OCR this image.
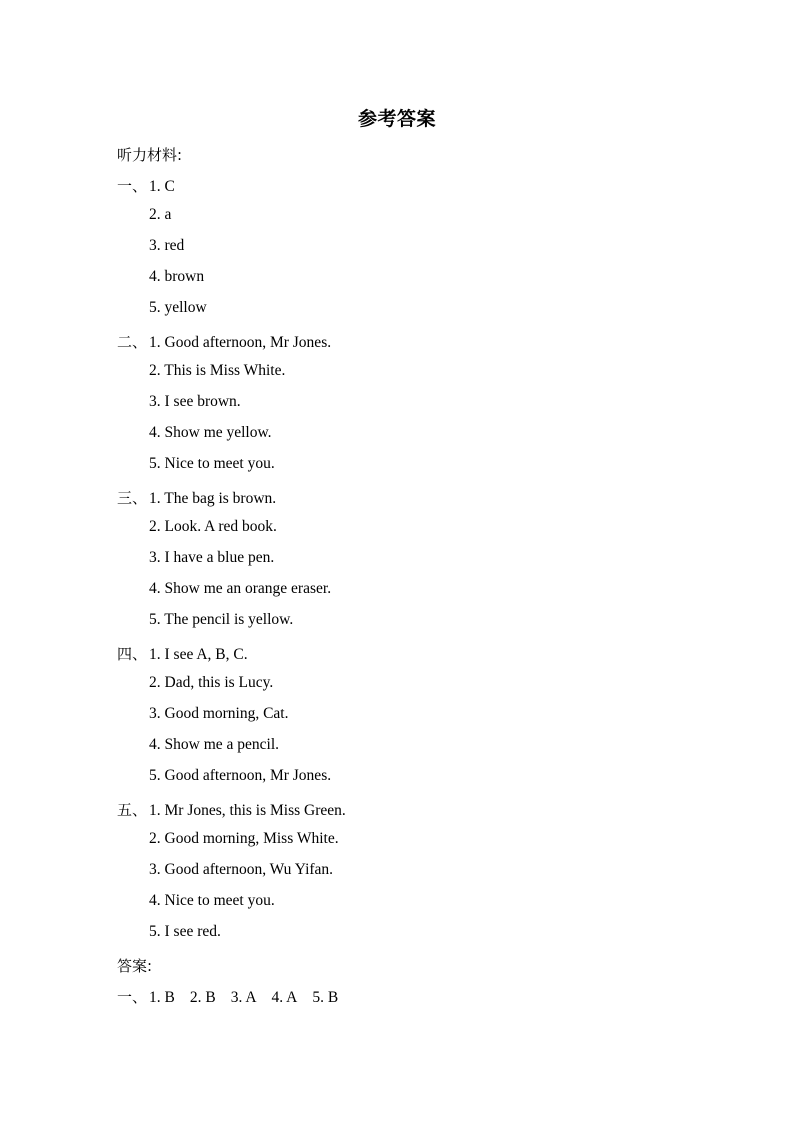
参考答案
听力材料:
一、 1. C
2. a
3. red
4. brown
5. yellow
二、 1. Good afternoon, Mr Jones.
2. This is Miss White.
3. I see brown.
4. Show me yellow.
5. Nice to meet you.
三、 1. The bag is brown.
2. Look. A red book.
3. I have a blue pen.
4. Show me an orange eraser.
5. The pencil is yellow.
四、 1. I see A, B, C.
2. Dad, this is Lucy.
3. Good morning, Cat.
4. Show me a pencil.
5. Good afternoon, Mr Jones.
五、 1. Mr Jones, this is Miss Green.
2. Good morning, Miss White.
3. Good afternoon, Wu Yifan.
4. Nice to meet you.
5. I see red.
答案:
一、 1. B 2. B 3. A 4. A 5. B
